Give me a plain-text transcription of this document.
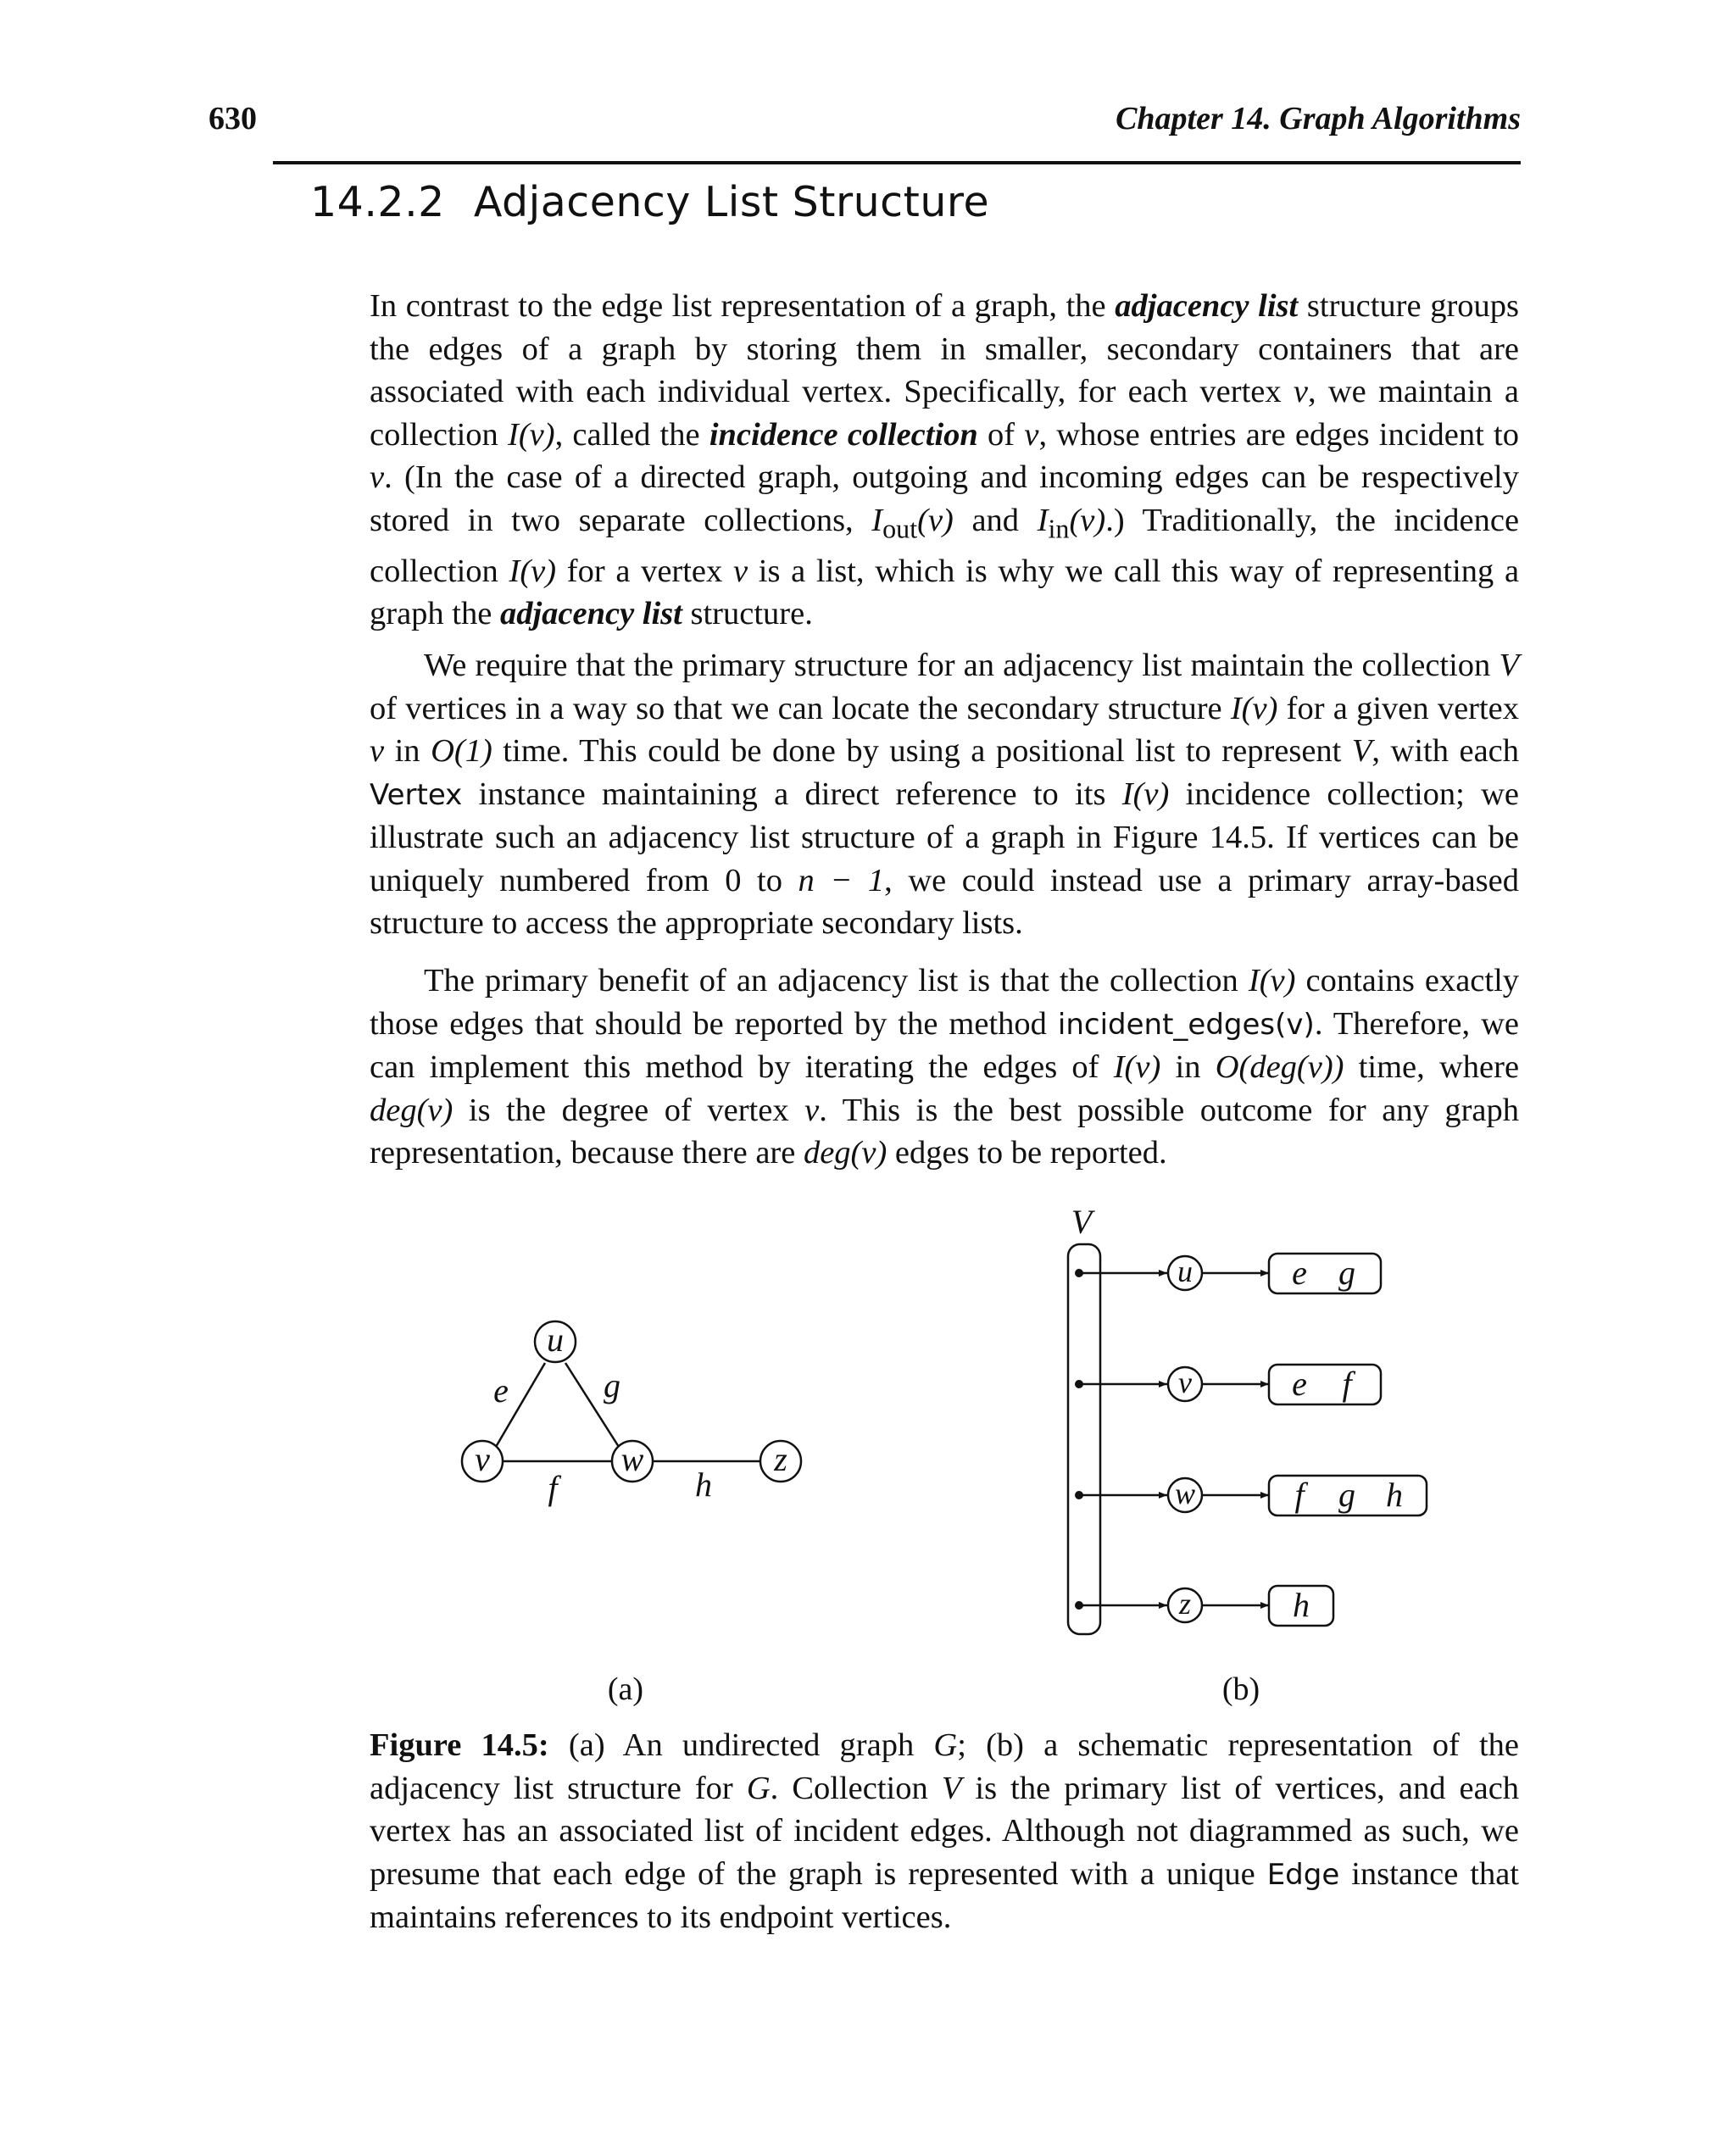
630	Chapter 14. Graph Algorithms
14.2.2 Adjacency List Structure

In contrast to the edge list representation of a graph, the adjacency list structure groups the edges of a graph by storing them in smaller, secondary containers that are associated with each individual vertex. Specifically, for each vertex v, we maintain a collection I(v), called the incidence collection of v, whose entries are edges incident to v. (In the case of a directed graph, outgoing and incoming edges can be respectively stored in two separate collections, $I_{out}(v)$ and $I_{in}(v)$.) Traditionally, the incidence collection I(v) for a vertex v is a list, which is why we call this way of representing a graph the adjacency list structure.

We require that the primary structure for an adjacency list maintain the collection V of vertices in a way so that we can locate the secondary structure I(v) for a given vertex v in O(1) time. This could be done by using a positional list to represent V, with each Vertex instance maintaining a direct reference to its I(v) incidence collection; we illustrate such an adjacency list structure of a graph in Figure 14.5. If vertices can be uniquely numbered from 0 to n − 1, we could instead use a primary array-based structure to access the appropriate secondary lists.

The primary benefit of an adjacency list is that the collection I(v) contains exactly those edges that should be reported by the method incident_edges(v). Therefore, we can implement this method by iterating the edges of I(v) in O(deg(v)) time, where deg(v) is the degree of vertex v. This is the best possible outcome for any graph representation, because there are deg(v) edges to be reported.

u
v	w	z
e	g
f	h
V
u	e g
v	e f
w	f g h
z	h
(a)	(b)

Figure 14.5: (a) An undirected graph G; (b) a schematic representation of the adjacency list structure for G. Collection V is the primary list of vertices, and each vertex has an associated list of incident edges. Although not diagrammed as such, we presume that each edge of the graph is represented with a unique Edge instance that maintains references to its endpoint vertices.
